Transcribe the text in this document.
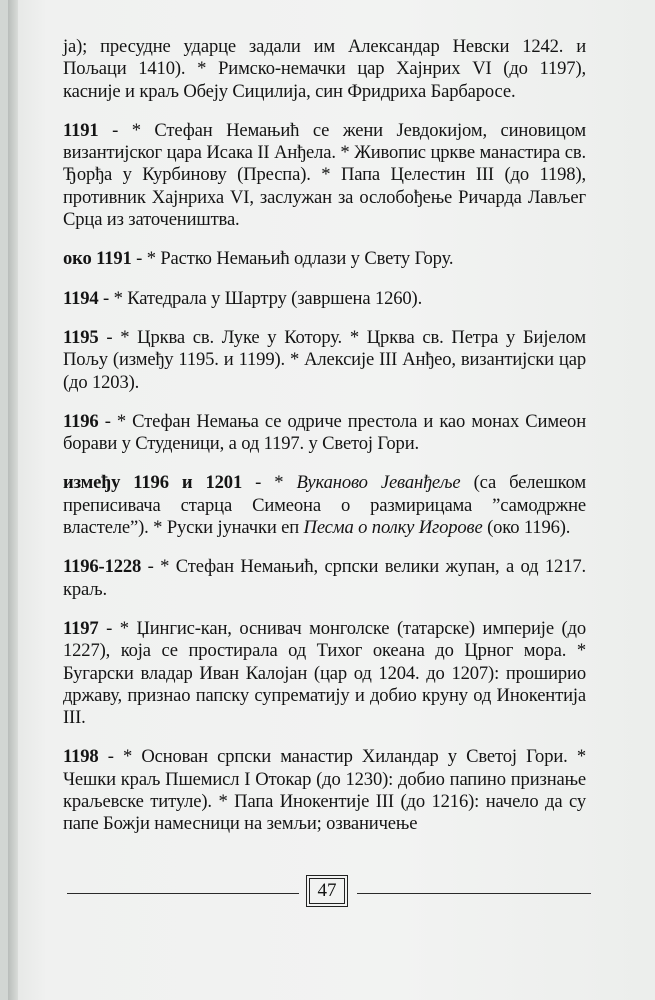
ја); пресудне ударце задали им Александар Невски 1242. и Пољаци 1410). * Римско-немачки цар Хајнрих VI (до 1197), касније и краљ Обеју Сицилија, син Фридриха Барбаросе.

1191 - * Стефан Немањић се жени Јевдокијом, синовицом византијског цара Исака II Анђела. * Живопис цркве манастира св. Ђорђа у Курбинову (Преспа). * Папа Целестин III (до 1198), противник Хајнриха VI, заслужан за ослобођење Ричарда Лављег Срца из заточеништва.

око 1191 - * Растко Немањић одлази у Свету Гору.

1194 - * Катедрала у Шартру (завршена 1260).

1195 - * Црква св. Луке у Котору. * Црква св. Петра у Бијелом Пољу (између 1195. и 1199). * Алексије III Анђео, византијски цар (до 1203).

1196 - * Стефан Немања се одриче престола и као монах Симеон борави у Студеници, а од 1197. у Светој Гори.

између 1196 и 1201 - * Вуканово Јеванђеље (са белешком преписивача старца Симеона о размирицама ”самодржне властеле”). * Руски јуначки еп Песма о полку Игорове (око 1196).

1196-1228 - * Стефан Немањић, српски велики жупан, а од 1217. краљ.

1197 - * Џингис-кан, оснивач монголске (татарске) империје (до 1227), која се простирала од Тихог океана до Црног мора. * Бугарски владар Иван Калојан (цар од 1204. до 1207): проширио државу, признао папску супрематију и добио круну од Инокентија III.

1198 - * Основан српски манастир Хиландар у Светој Гори. * Чешки краљ Пшемисл I Отокар (до 1230): добио папино признање краљевске титуле). * Папа Инокентије III (до 1216): начело да су папе Божји намесници на земљи; озваничење

47
